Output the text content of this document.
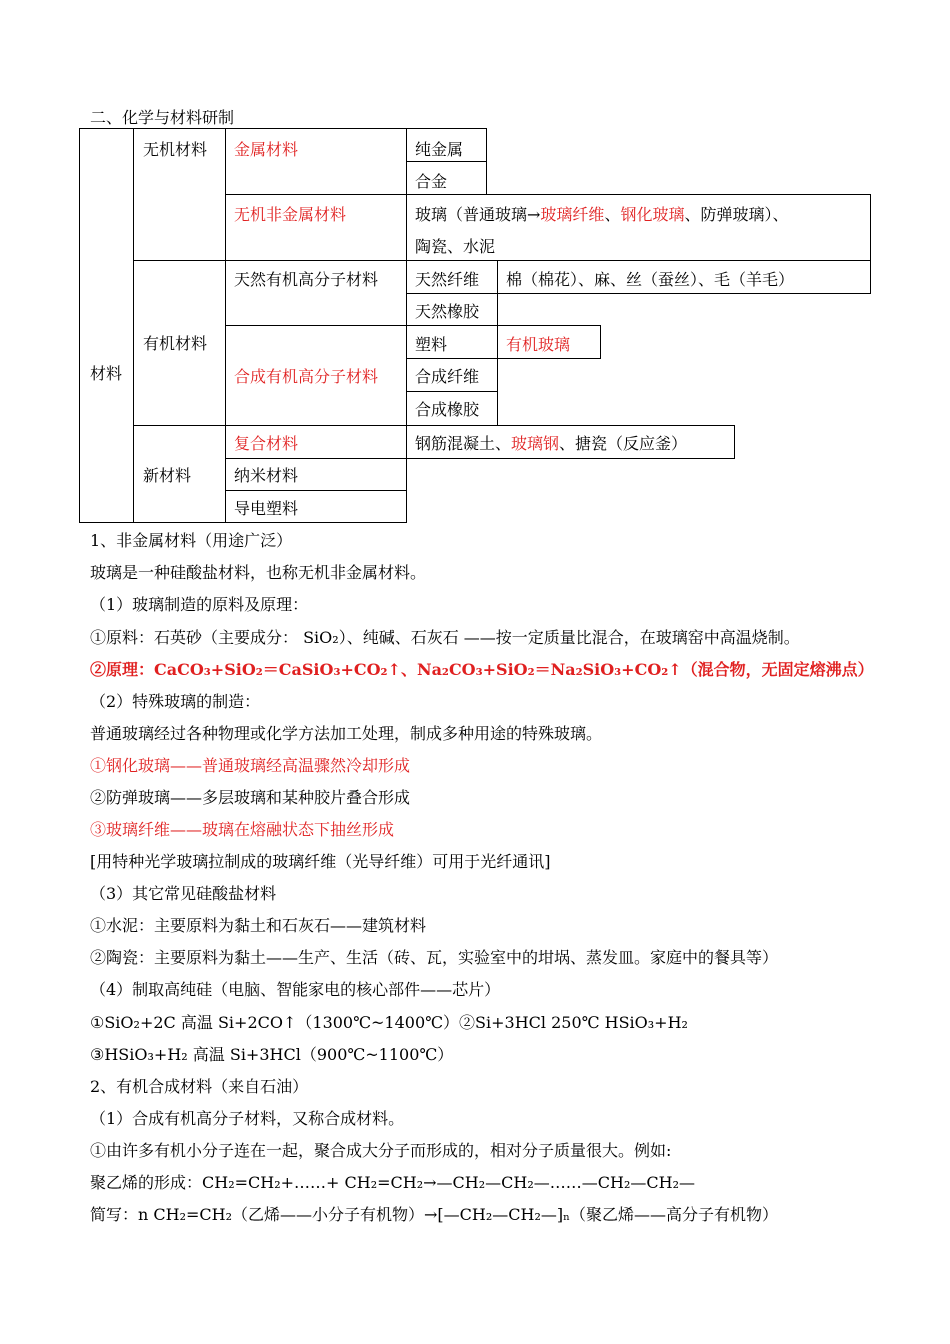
二、化学与材料研制
材料
无机材料
有机材料
新材料
金属材料
无机非金属材料
天然有机高分子材料
合成有机高分子材料
复合材料
纳米材料
导电塑料
纯金属
合金
玻璃（普通玻璃→玻璃纤维、钢化玻璃、防弹玻璃）、
陶瓷、水泥
天然纤维 棉（棉花）、麻、丝（蚕丝）、毛（羊毛）
天然橡胶
塑料	有机玻璃
合成纤维
合成橡胶
钢筋混凝土、玻璃钢、搪瓷（反应釜）
1、非金属材料（用途广泛）
玻璃是一种硅酸盐材料，也称无机非金属材料。
（1）玻璃制造的原料及原理：
①原料：石英砂（主要成分： SiO₂）、纯碱、石灰石 ——按一定质量比混合，在玻璃窑中高温烧制。
②原理：CaCO₃+SiO₂＝CaSiO₃+CO₂↑、Na₂CO₃+SiO₂＝Na₂SiO₃+CO₂↑（混合物，无固定熔沸点）
（2）特殊玻璃的制造：
普通玻璃经过各种物理或化学方法加工处理，制成多种用途的特殊玻璃。
①钢化玻璃——普通玻璃经高温骤然冷却形成
②防弹玻璃——多层玻璃和某种胶片叠合形成
③玻璃纤维——玻璃在熔融状态下抽丝形成
[用特种光学玻璃拉制成的玻璃纤维（光导纤维）可用于光纤通讯]
（3）其它常见硅酸盐材料
①水泥：主要原料为黏土和石灰石——建筑材料
②陶瓷：主要原料为黏土——生产、生活（砖、瓦，实验室中的坩埚、蒸发皿。家庭中的餐具等）
（4）制取高纯硅（电脑、智能家电的核心部件——芯片）
①SiO₂+2C 高温 Si+2CO↑（1300℃~1400℃）②Si+3HCl 250℃ HSiO₃+H₂
③HSiO₃+H₂ 高温 Si+3HCl（900℃~1100℃）
2、有机合成材料（来自石油）
（1）合成有机高分子材料，又称合成材料。
①由许多有机小分子连在一起，聚合成大分子而形成的，相对分子质量很大。例如:
聚乙烯的形成：CH₂=CH₂+……+ CH₂=CH₂→—CH₂—CH₂—……—CH₂—CH₂—
简写：n CH₂=CH₂（乙烯——小分子有机物）→[—CH₂—CH₂—]ₙ（聚乙烯——高分子有机物）
